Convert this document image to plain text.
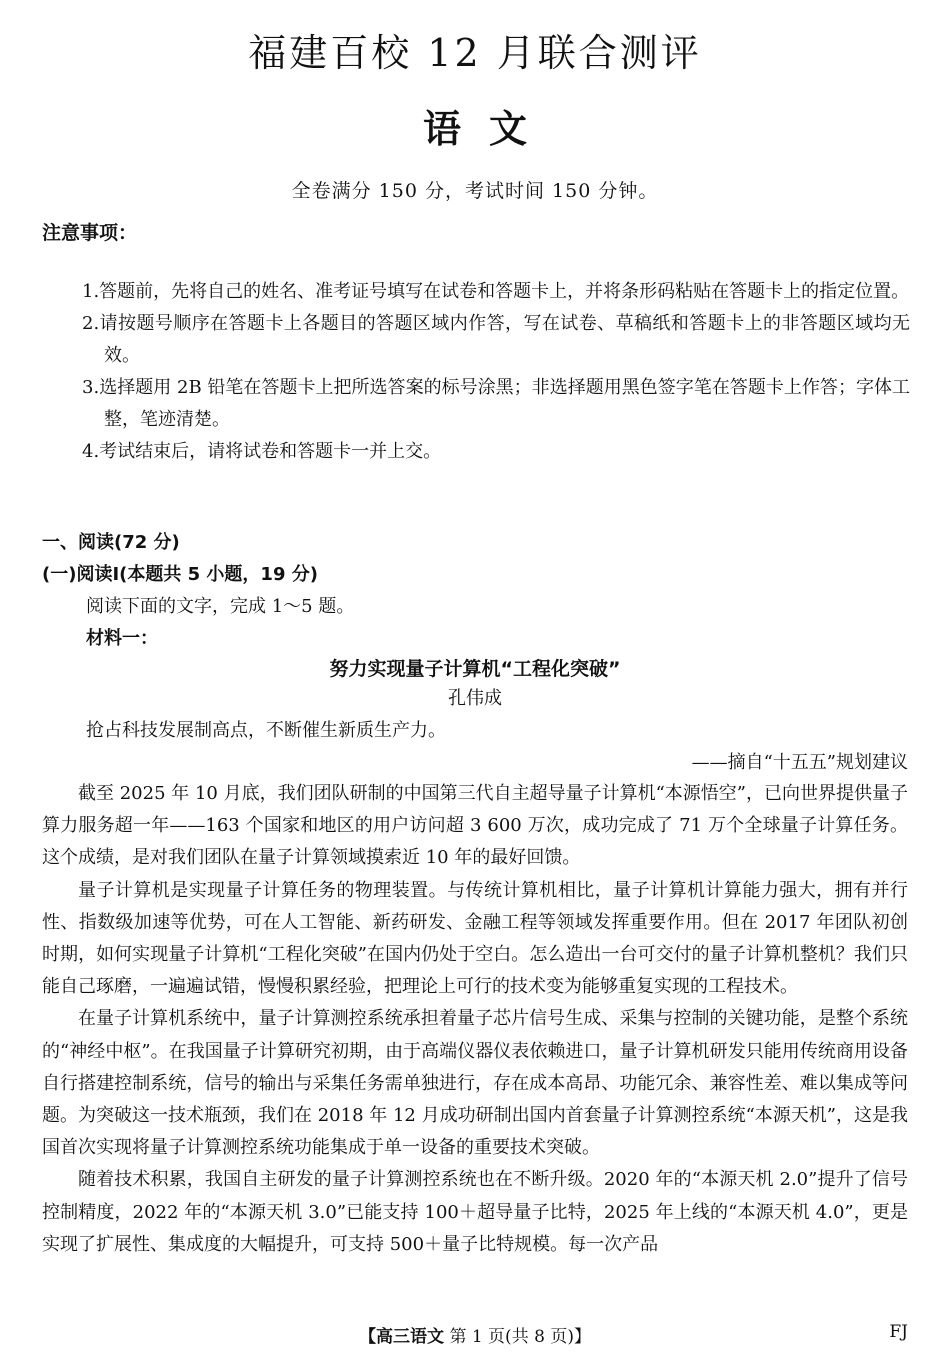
福建百校 12 月联合测评
语文
全卷满分 150 分，考试时间 150 分钟。
注意事项：

1.答题前，先将自己的姓名、准考证号填写在试卷和答题卡上，并将条形码粘贴在答题卡上的指定位置。

2.请按题号顺序在答题卡上各题目的答题区域内作答，写在试卷、草稿纸和答题卡上的非答题区域均无效。

3.选择题用 2B 铅笔在答题卡上把所选答案的标号涂黑；非选择题用黑色签字笔在答题卡上作答；字体工整，笔迹清楚。

4.考试结束后，请将试卷和答题卡一并上交。

一、阅读(72 分)
(一)阅读Ⅰ(本题共 5 小题，19 分)
阅读下面的文字，完成 1～5 题。
材料一：
努力实现量子计算机“工程化突破”
孔伟成
抢占科技发展制高点，不断催生新质生产力。
——摘自“十五五”规划建议

截至 2025 年 10 月底，我们团队研制的中国第三代自主超导量子计算机“本源悟空”，已向世界提供量子算力服务超一年——163 个国家和地区的用户访问超 3 600 万次，成功完成了 71 万个全球量子计算任务。这个成绩，是对我们团队在量子计算领域摸索近 10 年的最好回馈。

量子计算机是实现量子计算任务的物理装置。与传统计算机相比，量子计算机计算能力强大，拥有并行性、指数级加速等优势，可在人工智能、新药研发、金融工程等领域发挥重要作用。但在 2017 年团队初创时期，如何实现量子计算机“工程化突破”在国内仍处于空白。怎么造出一台可交付的量子计算机整机？我们只能自己琢磨，一遍遍试错，慢慢积累经验，把理论上可行的技术变为能够重复实现的工程技术。

在量子计算机系统中，量子计算测控系统承担着量子芯片信号生成、采集与控制的关键功能，是整个系统的“神经中枢”。在我国量子计算研究初期，由于高端仪器仪表依赖进口，量子计算机研发只能用传统商用设备自行搭建控制系统，信号的输出与采集任务需单独进行，存在成本高昂、功能冗余、兼容性差、难以集成等问题。为突破这一技术瓶颈，我们在 2018 年 12 月成功研制出国内首套量子计算测控系统“本源天机”，这是我国首次实现将量子计算测控系统功能集成于单一设备的重要技术突破。

随着技术积累，我国自主研发的量子计算测控系统也在不断升级。2020 年的“本源天机 2.0”提升了信号控制精度，2022 年的“本源天机 3.0”已能支持 100＋超导量子比特，2025 年上线的“本源天机 4.0”，更是实现了扩展性、集成度的大幅提升，可支持 500＋量子比特规模。每一次产品

【高三语文 第 1 页(共 8 页)】	FJ
